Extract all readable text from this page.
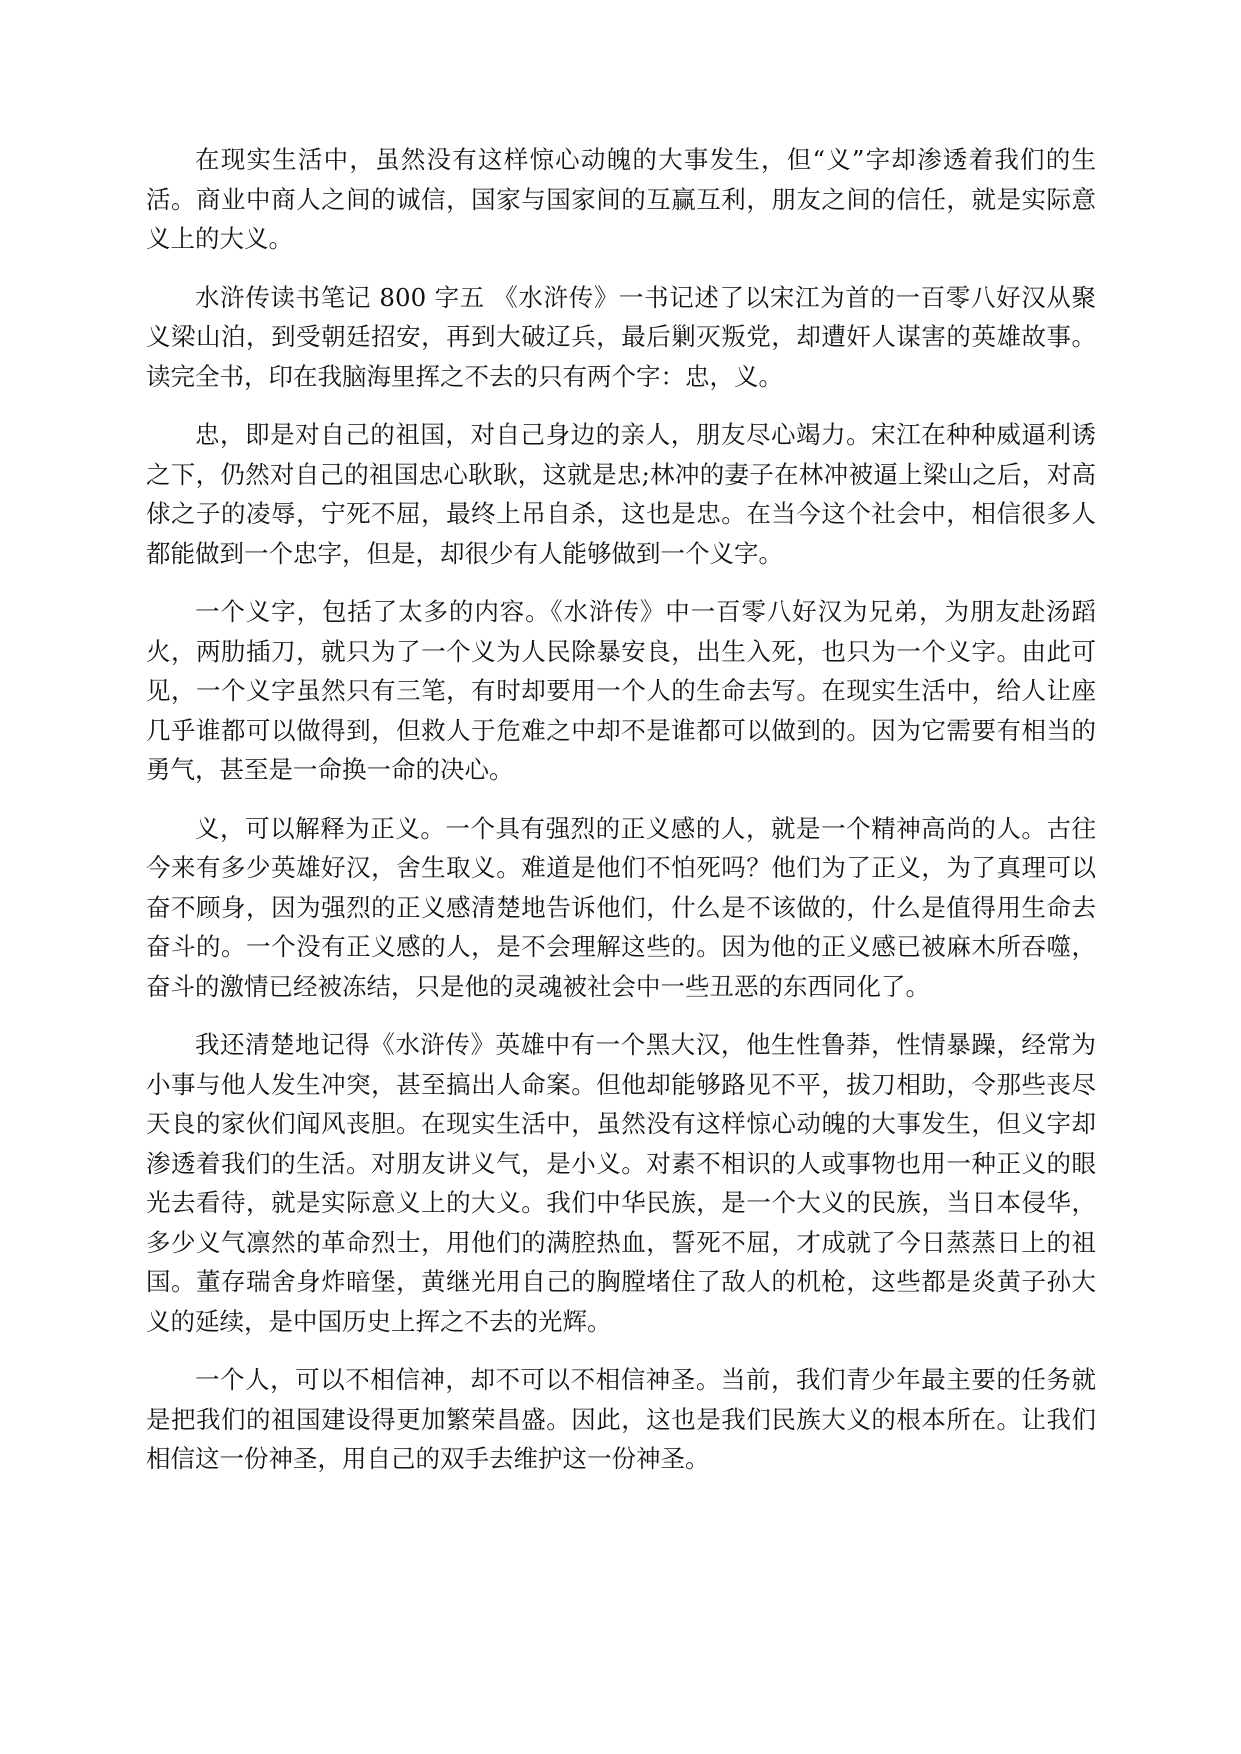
在现实生活中，虽然没有这样惊心动魄的大事发生，但“义”字却渗透着我们的生活。商业中商人之间的诚信，国家与国家间的互赢互利，朋友之间的信任，就是实际意义上的大义。

水浒传读书笔记 800 字五 《水浒传》一书记述了以宋江为首的一百零八好汉从聚义梁山泊，到受朝廷招安，再到大破辽兵，最后剿灭叛党，却遭奸人谋害的英雄故事。读完全书，印在我脑海里挥之不去的只有两个字：忠，义。

忠，即是对自己的祖国，对自己身边的亲人，朋友尽心竭力。宋江在种种威逼利诱之下，仍然对自己的祖国忠心耿耿，这就是忠;林冲的妻子在林冲被逼上梁山之后，对高俅之子的凌辱，宁死不屈，最终上吊自杀，这也是忠。在当今这个社会中，相信很多人都能做到一个忠字，但是，却很少有人能够做到一个义字。

一个义字，包括了太多的内容。《水浒传》中一百零八好汉为兄弟，为朋友赴汤蹈火，两肋插刀，就只为了一个义为人民除暴安良，出生入死，也只为一个义字。由此可见，一个义字虽然只有三笔，有时却要用一个人的生命去写。在现实生活中，给人让座几乎谁都可以做得到，但救人于危难之中却不是谁都可以做到的。因为它需要有相当的勇气，甚至是一命换一命的决心。

义，可以解释为正义。一个具有强烈的正义感的人，就是一个精神高尚的人。古往今来有多少英雄好汉，舍生取义。难道是他们不怕死吗？他们为了正义，为了真理可以奋不顾身，因为强烈的正义感清楚地告诉他们，什么是不该做的，什么是值得用生命去奋斗的。一个没有正义感的人，是不会理解这些的。因为他的正义感已被麻木所吞噬，奋斗的激情已经被冻结，只是他的灵魂被社会中一些丑恶的东西同化了。

我还清楚地记得《水浒传》英雄中有一个黑大汉，他生性鲁莽，性情暴躁，经常为小事与他人发生冲突，甚至搞出人命案。但他却能够路见不平，拔刀相助，令那些丧尽天良的家伙们闻风丧胆。在现实生活中，虽然没有这样惊心动魄的大事发生，但义字却渗透着我们的生活。对朋友讲义气，是小义。对素不相识的人或事物也用一种正义的眼光去看待，就是实际意义上的大义。我们中华民族，是一个大义的民族，当日本侵华，多少义气凛然的革命烈士，用他们的满腔热血，誓死不屈，才成就了今日蒸蒸日上的祖国。董存瑞舍身炸暗堡，黄继光用自己的胸膛堵住了敌人的机枪，这些都是炎黄子孙大义的延续，是中国历史上挥之不去的光辉。

一个人，可以不相信神，却不可以不相信神圣。当前，我们青少年最主要的任务就是把我们的祖国建设得更加繁荣昌盛。因此，这也是我们民族大义的根本所在。让我们相信这一份神圣，用自己的双手去维护这一份神圣。
